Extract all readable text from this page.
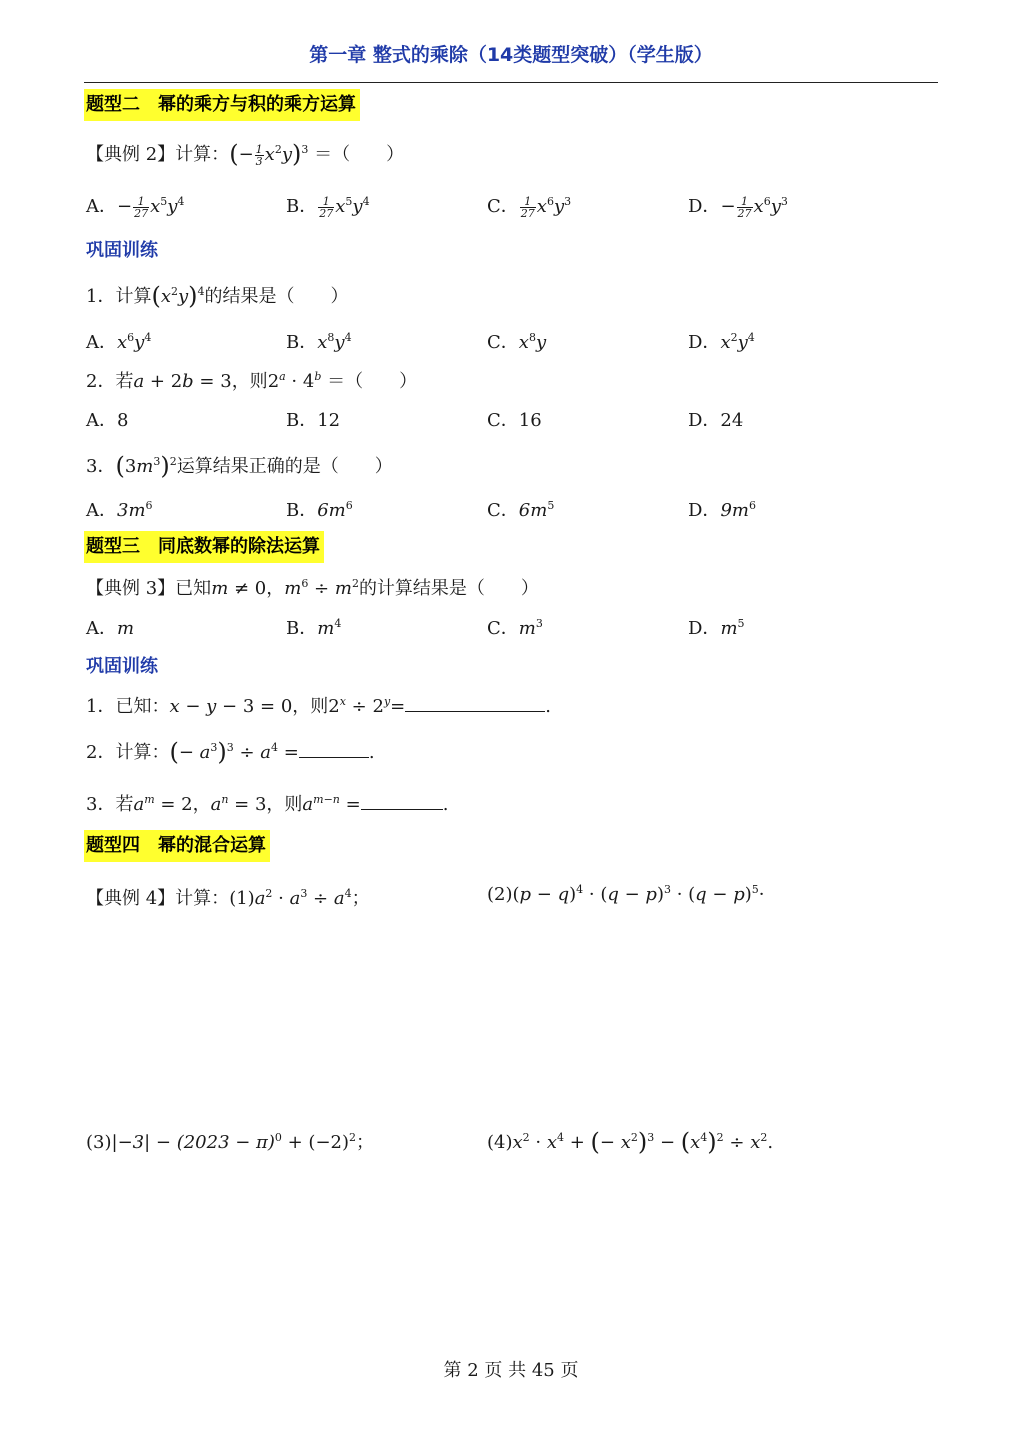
第一章 整式的乘除（14类题型突破）（学生版）
题型二　幂的乘方与积的乘方运算
【典例 2】计算：(− $\frac{1}{3} x^2y)^3$ ＝（　　）
A．− $\frac{1}{27} x^5y^4$	B． $\frac{1}{27} x^5y^4$	C． $\frac{1}{27} x^6y^3$	D．− $\frac{1}{27} x^6y^3$
巩固训练
1．计算$(x^2y)^4$的结果是（　　）
A．$x^6y^4$	B．$x^8y^4$	C．$x^8y$	D．$x^2y^4$
2．若a + 2b = 3，则$2^a \cdot 4^b$ ＝（　　）
A．8	B．12	C．16	D．24
3．$(3m^3)^2$运算结果正确的是（　　）
A．$3m^6$	B．$6m^6$	C．$6m^5$	D．$9m^6$
题型三　同底数幂的除法运算
【典例 3】已知m ≠ 0，$m^6 \div m^2$的计算结果是（　　）
A．m	B．$m^4$	C．$m^3$	D．$m^5$
巩固训练
1．已知：x − y − 3 = 0，则$2^x \div 2^y=$	.
2．计算：(− $a^3)^3 \div a^4$ =	.
3．若$a^m = 2$，$a^n = 3$，则$a^{m-n}$ =	.
题型四　幂的混合运算
【典例 4】计算：$(1)a^2 \cdot a^3 \div a^4$；	$(2)(p - q)^4 \cdot (q - p)^3 \cdot (q - p)^5\cdot$
$(3)|-3| - (2023 - \pi)^0 + (-2)^2$；	$(4)x^2 \cdot x^4$ + (− $x^2)^3 - (x^4)^2 \div x^2$.
第 2 页 共 45 页
